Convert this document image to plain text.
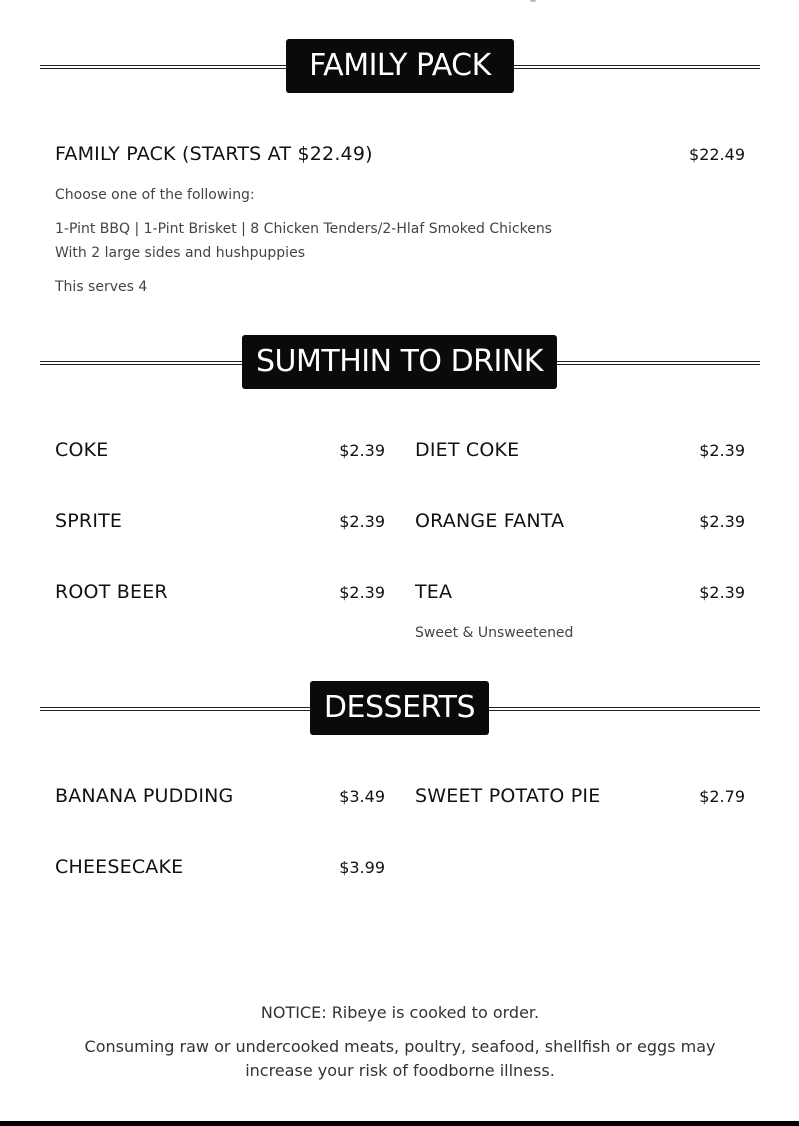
FAMILY PACK
FAMILY PACK (STARTS AT $22.49)	$22.49
Choose one of the following:
1-Pint BBQ | 1-Pint Brisket | 8 Chicken Tenders/2-Hlaf Smoked Chickens
With 2 large sides and hushpuppies
This serves 4
SUMTHIN TO DRINK
COKE	$2.39 DIET COKE	$2.39
SPRITE	$2.39 ORANGE FANTA	$2.39
ROOT BEER	$2.39 TEA	$2.39
Sweet & Unsweetened
DESSERTS
BANANA PUDDING	$3.49 SWEET POTATO PIE	$2.79
CHEESECAKE	$3.99
NOTICE: Ribeye is cooked to order.
Consuming raw or undercooked meats, poultry, seafood, shellfish or eggs may increase your risk of foodborne illness.
